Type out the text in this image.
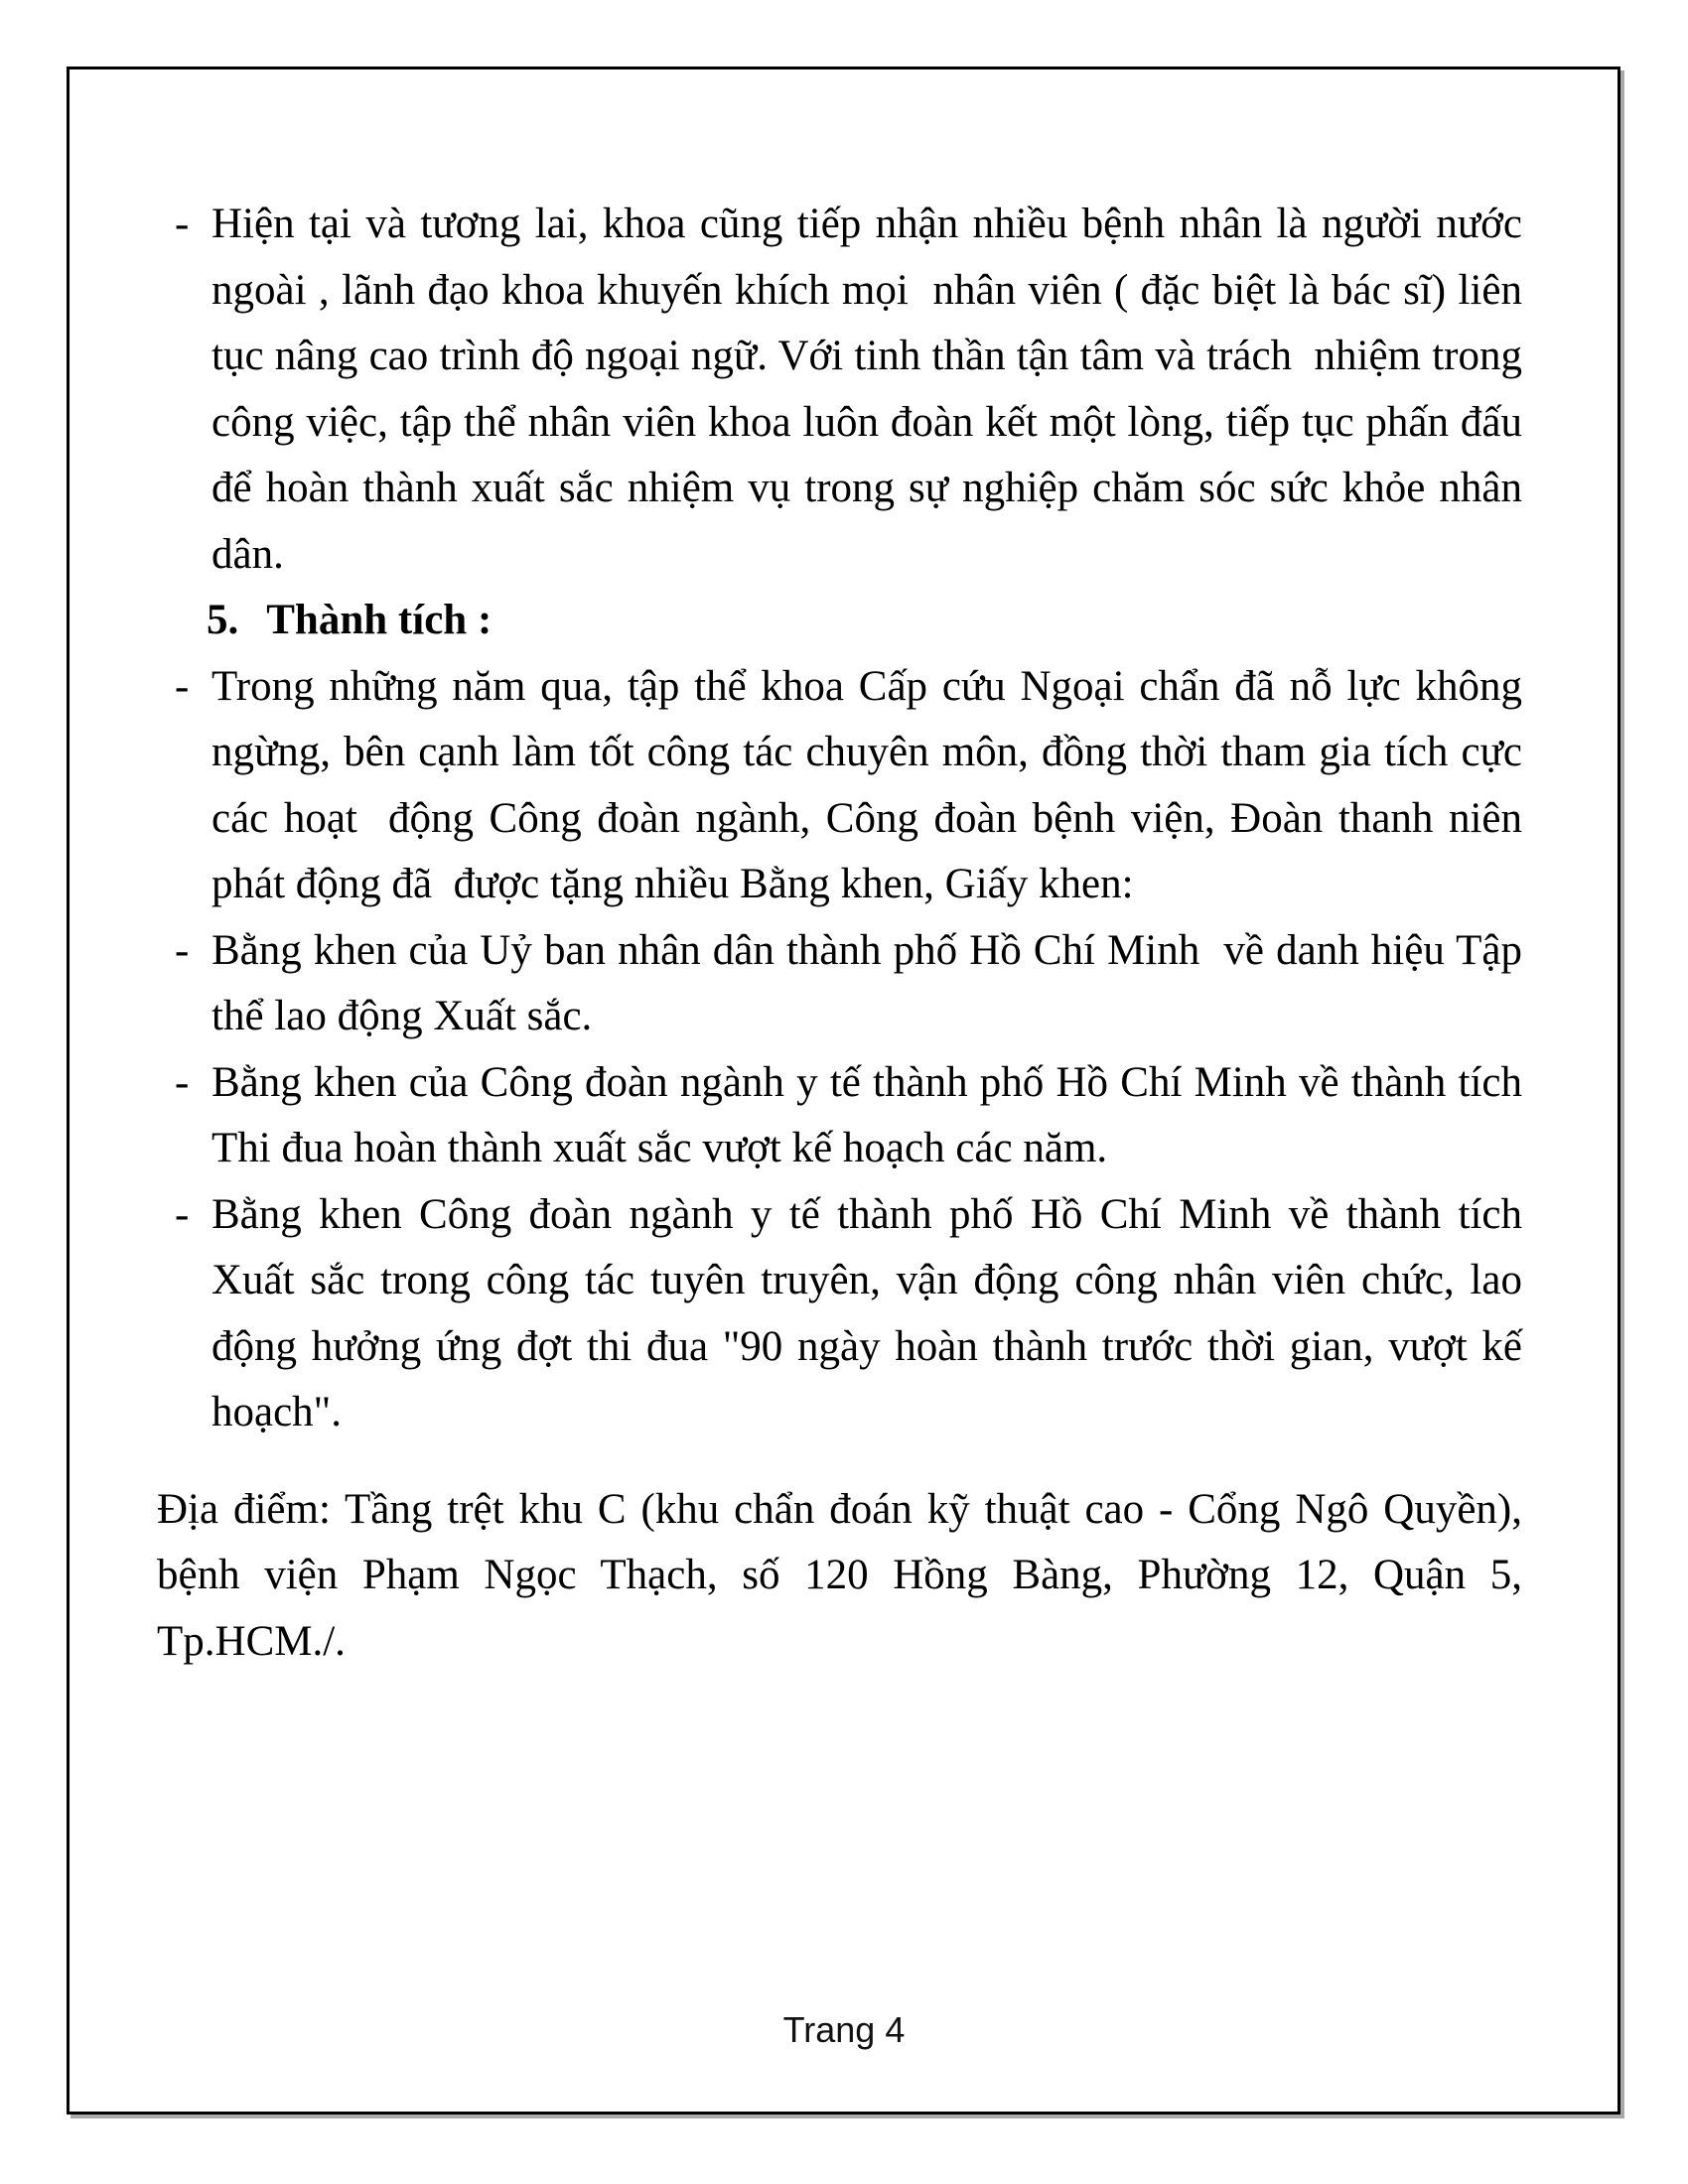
- Hiện tại và tương lai, khoa cũng tiếp nhận nhiều bệnh nhân là người nước ngoài , lãnh đạo khoa khuyến khích mọi  nhân viên ( đặc biệt là bác sĩ) liên tục nâng cao trình độ ngoại ngữ. Với tinh thần tận tâm và trách  nhiệm trong công việc, tập thể nhân viên khoa luôn đoàn kết một lòng, tiếp tục phấn đấu để hoàn thành xuất sắc nhiệm vụ trong sự nghiệp chăm sóc sức khỏe nhân dân.
5. Thành tích :
- Trong những năm qua, tập thể khoa Cấp cứu Ngoại chẩn đã nỗ lực không ngừng, bên cạnh làm tốt công tác chuyên môn, đồng thời tham gia tích cực các hoạt  động Công đoàn ngành, Công đoàn bệnh viện, Đoàn thanh niên phát động đã  được tặng nhiều Bằng khen, Giấy khen:
- Bằng khen của Uỷ ban nhân dân thành phố Hồ Chí Minh  về danh hiệu Tập thể lao động Xuất sắc.
- Bằng khen của Công đoàn ngành y tế thành phố Hồ Chí Minh về thành tích Thi đua hoàn thành xuất sắc vượt kế hoạch các năm.
- Bằng khen Công đoàn ngành y tế thành phố Hồ Chí Minh về thành tích Xuất sắc trong công tác tuyên truyên, vận động công nhân viên chức, lao động hưởng ứng đợt thi đua "90 ngày hoàn thành trước thời gian, vượt kế hoạch".
Địa điểm: Tầng trệt khu C (khu chẩn đoán kỹ thuật cao - Cổng Ngô Quyền), bệnh viện Phạm Ngọc Thạch, số 120 Hồng Bàng, Phường 12, Quận 5, Tp.HCM./.
Trang 4
